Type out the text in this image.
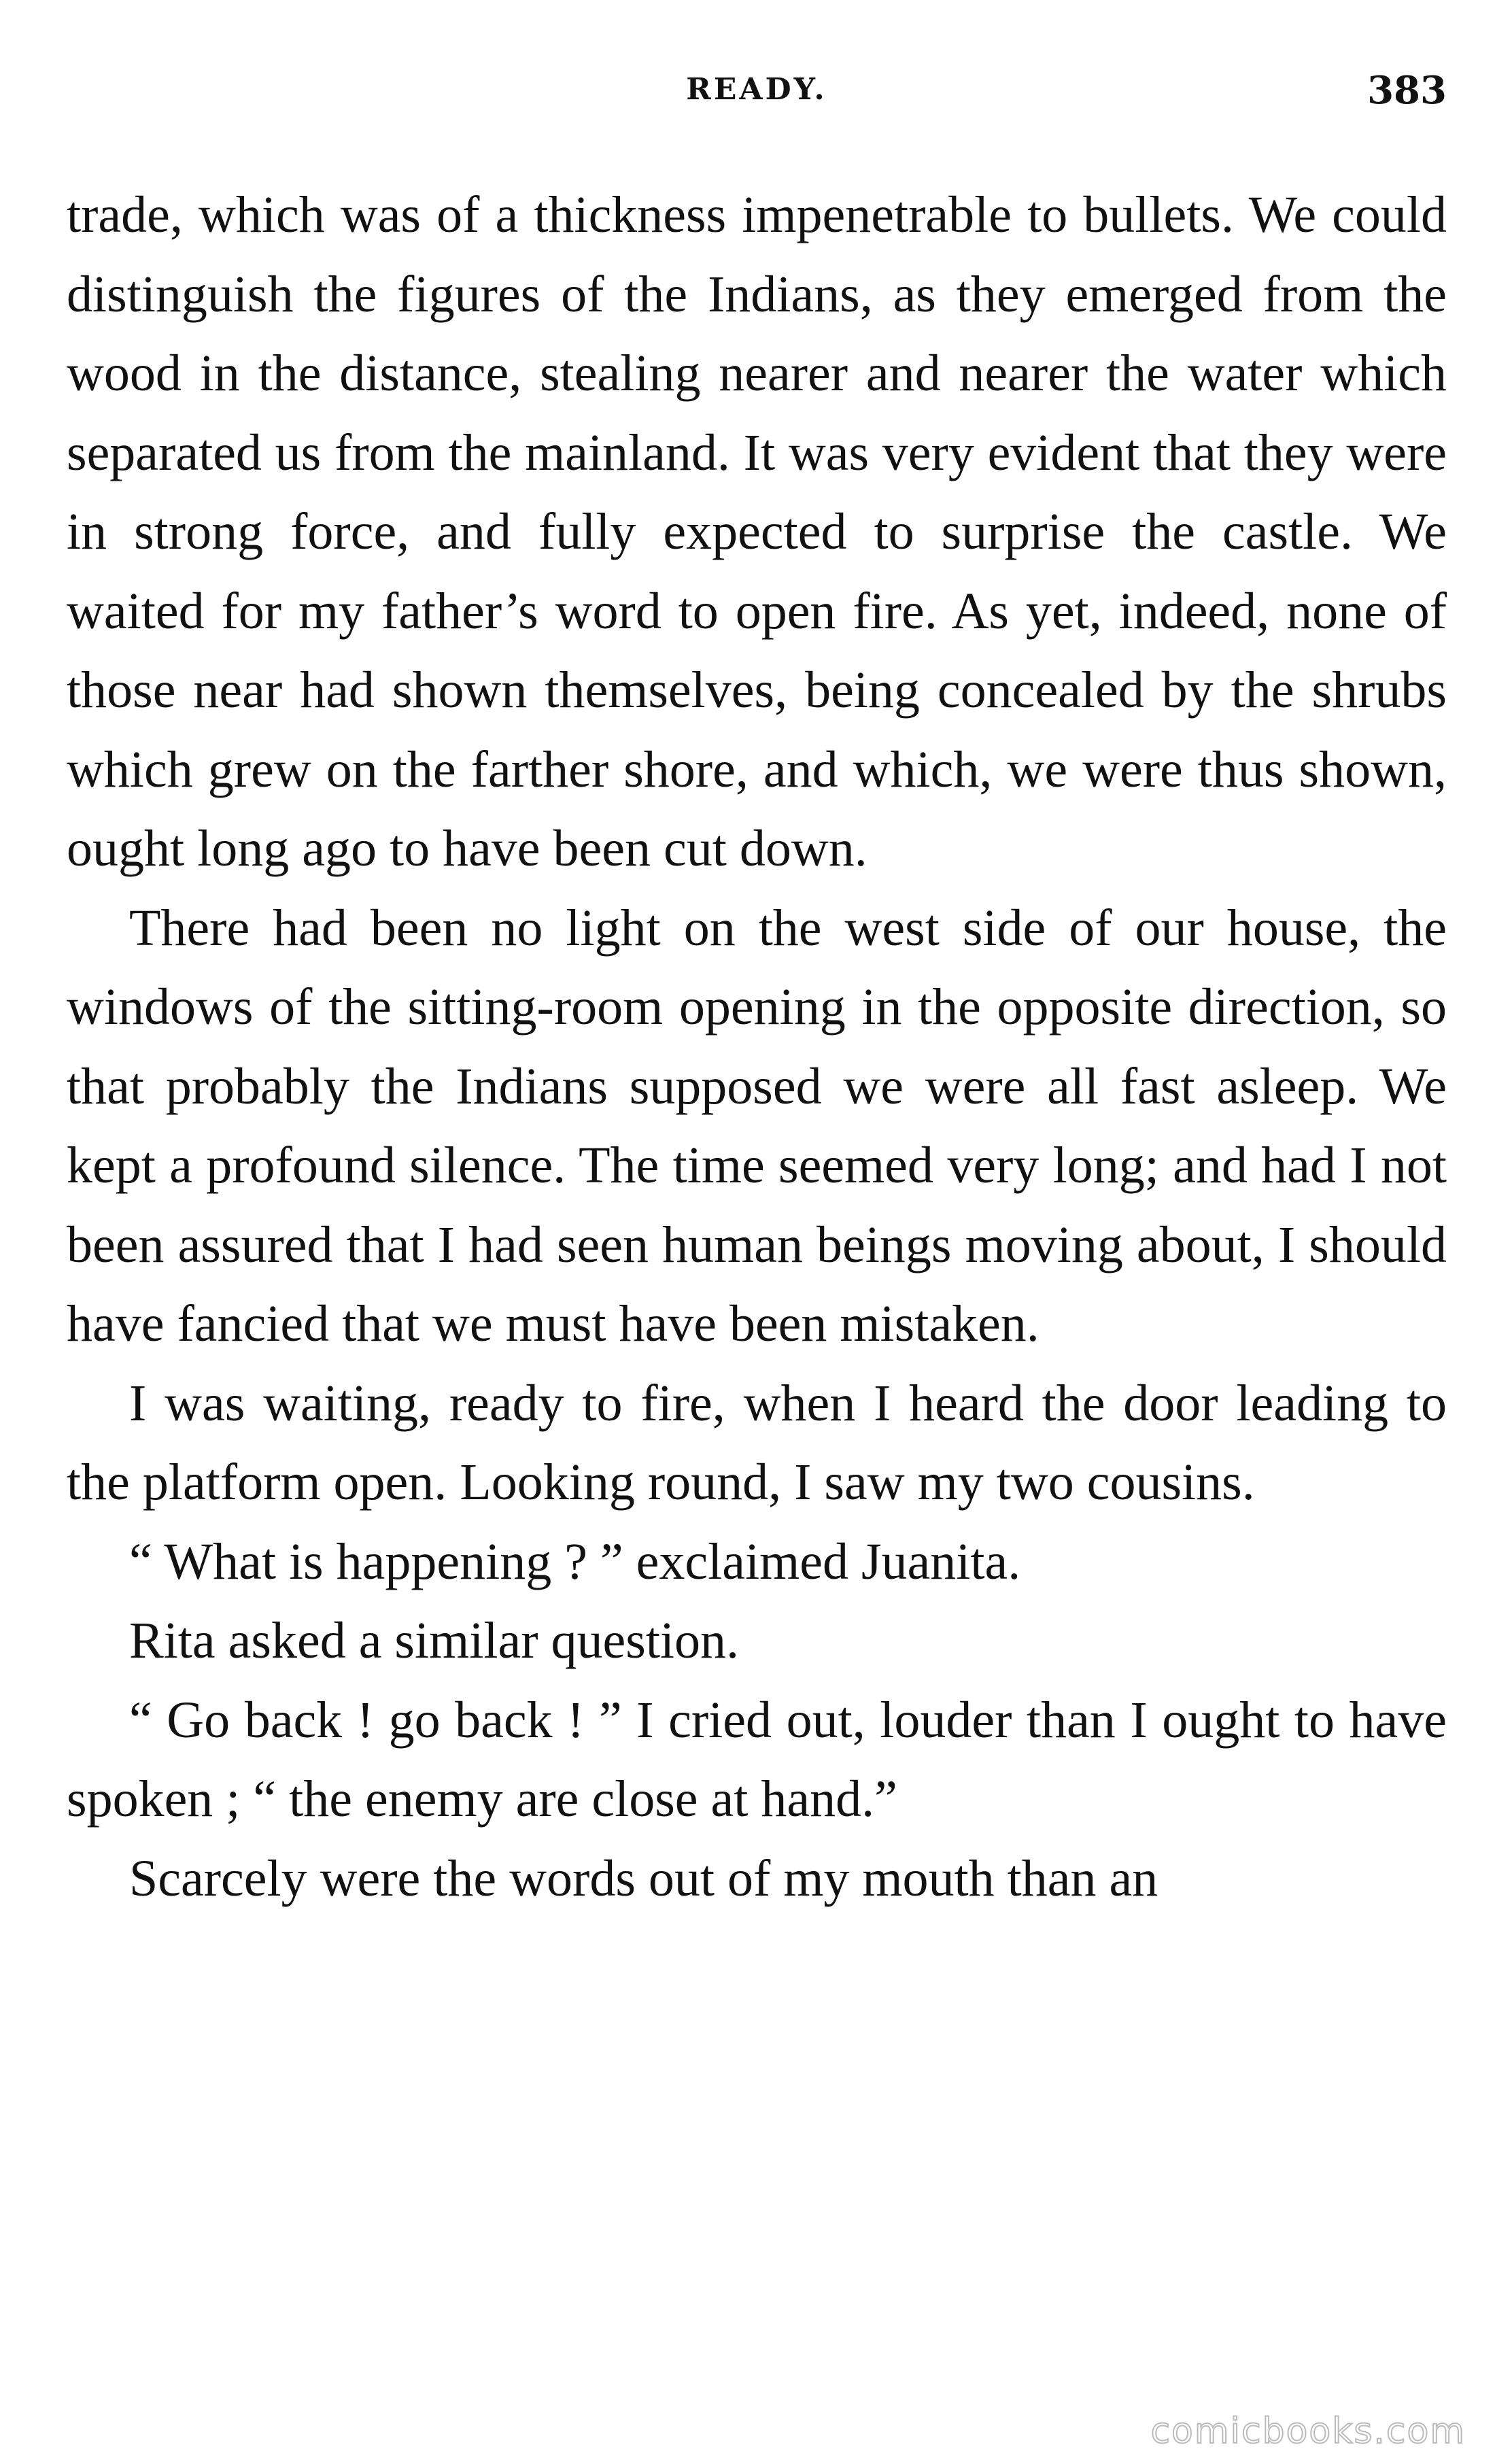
READY.	383

trade, which was of a thickness impenetrable to bullets. We could distinguish the figures of the Indians, as they emerged from the wood in the distance, stealing nearer and nearer the water which separated us from the mainland. It was very evident that they were in strong force, and fully expected to surprise the castle. We waited for my father’s word to open fire. As yet, indeed, none of those near had shown themselves, being concealed by the shrubs which grew on the farther shore, and which, we were thus shown, ought long ago to have been cut down.

There had been no light on the west side of our house, the windows of the sitting-room opening in the opposite direction, so that probably the Indians supposed we were all fast asleep. We kept a profound silence. The time seemed very long; and had I not been assured that I had seen human beings moving about, I should have fancied that we must have been mistaken.

I was waiting, ready to fire, when I heard the door leading to the platform open. Looking round, I saw my two cousins.

“ What is happening ? ” exclaimed Juanita.

Rita asked a similar question.

“ Go back ! go back ! ” I cried out, louder than I ought to have spoken ; “ the enemy are close at hand.”

Scarcely were the words out of my mouth than an

comicbooks.com
